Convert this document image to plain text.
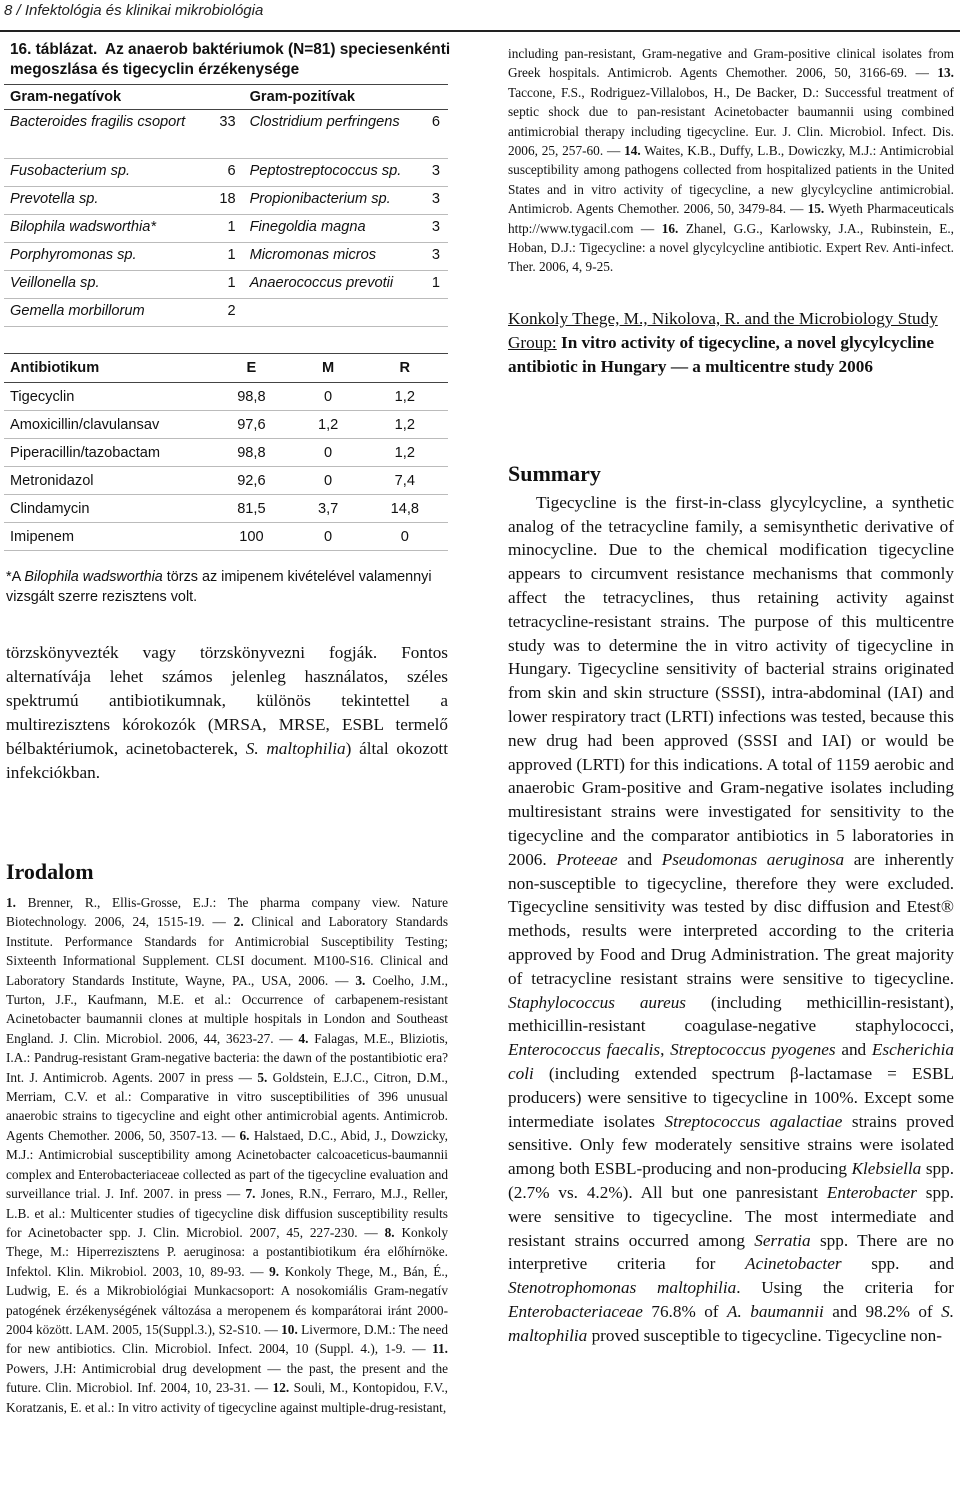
8 / Infektológia és klinikai mikrobiológia
16. táblázat. Az anaerob baktériumok (N=81) speciesenkénti megoszlása és tigecyclin érzékenysége
Gram-negatívok		Gram-pozitívak	
Bacteroides fragilis csoport	33	Clostridium perfringens	6
Fusobacterium sp.	6	Peptostreptococcus sp.	3
Prevotella sp.	18	Propionibacterium sp.	3
Bilophila wadsworthia*	1	Finegoldia magna	3
Porphyromonas sp.	1	Micromonas micros	3
Veillonella sp.	1	Anaerococcus prevotii	1
Gemella morbillorum	2		
Antibiotikum	E	M	R
Tigecyclin	98,8	0	1,2
Amoxicillin/clavulansav	97,6	1,2	1,2
Piperacillin/tazobactam	98,8	0	1,2
Metronidazol	92,6	0	7,4
Clindamycin	81,5	3,7	14,8
Imipenem	100	0	0
*A Bilophila wadsworthia törzs az imipenem kivételével valamennyi vizsgált szerre rezisztens volt.
törzskönyvezték vagy törzskönyvezni fogják. Fontos alternatívája lehet számos jelenleg használatos, széles spektrumú antibiotikumnak, különös tekintettel a multirezisztens kórokozók (MRSA, MRSE, ESBL termelő bélbaktériumok, acinetobacterek, S. maltophilia) által okozott infekciókban.
Irodalom
1. Brenner, R., Ellis-Grosse, E.J.: The pharma company view. Nature Biotechnology. 2006, 24, 1515-19. — 2. Clinical and Laboratory Standards Institute. Performance Standards for Antimicrobial Susceptibility Testing; Sixteenth Informational Supplement. CLSI document. M100-S16. Clinical and Laboratory Standards Institute, Wayne, PA., USA, 2006. — 3. Coelho, J.M., Turton, J.F., Kaufmann, M.E. et al.: Occurrence of carbapenem-resistant Acinetobacter baumannii clones at multiple hospitals in London and Southeast England. J. Clin. Microbiol. 2006, 44, 3623-27. — 4. Falagas, M.E., Bliziotis, I.A.: Pandrug-resistant Gram-negative bacteria: the dawn of the postantibiotic era? Int. J. Antimicrob. Agents. 2007 in press — 5. Goldstein, E.J.C., Citron, D.M., Merriam, C.V. et al.: Comparative in vitro susceptibilities of 396 unusual anaerobic strains to tigecycline and eight other antimicrobial agents. Antimicrob. Agents Chemother. 2006, 50, 3507-13. — 6. Halstaed, D.C., Abid, J., Dowzicky, M.J.: Antimicrobial susceptibility among Acinetobacter calcoaceticus-baumannii complex and Enterobacteriaceae collected as part of the tigecycline evaluation and surveillance trial. J. Inf. 2007. in press — 7. Jones, R.N., Ferraro, M.J., Reller, L.B. et al.: Multicenter studies of tigecycline disk diffusion susceptibility results for Acinetobacter spp. J. Clin. Microbiol. 2007, 45, 227-230. — 8. Konkoly Thege, M.: Hiperrezisztens P. aeruginosa: a postantibiotikum éra előhírnöke. Infektol. Klin. Mikrobiol. 2003, 10, 89-93. — 9. Konkoly Thege, M., Bán, É., Ludwig, E. és a Mikrobiológiai Munkacsoport: A nosokomiális Gram-negatív patogének érzékenységének változása a meropenem és komparátorai iránt 2000-2004 között. LAM. 2005, 15(Suppl.3.), S2-S10. — 10. Livermore, D.M.: The need for new antibiotics. Clin. Microbiol. Infect. 2004, 10 (Suppl. 4.), 1-9. — 11. Powers, J.H: Antimicrobial drug development — the past, the present and the future. Clin. Microbiol. Inf. 2004, 10, 23-31. — 12. Souli, M., Kontopidou, F.V., Koratzanis, E. et al.: In vitro activity of tigecycline against multiple-drug-resistant,
including pan-resistant, Gram-negative and Gram-positive clinical isolates from Greek hospitals. Antimicrob. Agents Chemother. 2006, 50, 3166-69. — 13. Taccone, F.S., Rodriguez-Villalobos, H., De Backer, D.: Successful treatment of septic shock due to pan-resistant Acinetobacter baumannii using combined antimicrobial therapy including tigecycline. Eur. J. Clin. Microbiol. Infect. Dis. 2006, 25, 257-60. — 14. Waites, K.B., Duffy, L.B., Dowiczky, M.J.: Antimicrobial susceptibility among pathogens collected from hospitalized patients in the United States and in vitro activity of tigecycline, a new glycylcycline antimicrobial. Antimicrob. Agents Chemother. 2006, 50, 3479-84. — 15. Wyeth Pharmaceuticals http://www.tygacil.com — 16. Zhanel, G.G., Karlowsky, J.A., Rubinstein, E., Hoban, D.J.: Tigecycline: a novel glycylcycline antibiotic. Expert Rev. Anti-infect. Ther. 2006, 4, 9-25.
Konkoly Thege, M., Nikolova, R. and the Microbiology Study Group: In vitro activity of tigecycline, a novel glycylcycline antibiotic in Hungary — a multicentre study 2006
Summary

Tigecycline is the first-in-class glycylcycline, a synthetic analog of the tetracycline family, a semisynthetic derivative of minocycline. Due to the chemical modification tigecycline appears to circumvent resistance mechanisms that commonly affect the tetracyclines, thus retaining activity against tetracycline-resistant strains. The purpose of this multicentre study was to determine the in vitro activity of tigecycline in Hungary. Tigecycline sensitivity of bacterial strains originated from skin and skin structure (SSSI), intra-abdominal (IAI) and lower respiratory tract (LRTI) infections was tested, because this new drug had been approved (SSSI and IAI) or would be approved (LRTI) for this indications. A total of 1159 aerobic and anaerobic Gram-positive and Gram-negative isolates including multiresistant strains were investigated for sensitivity to the tigecycline and the comparator antibiotics in 5 laboratories in 2006. Proteeae and Pseudomonas aeruginosa are inherently non-susceptible to tigecycline, therefore they were excluded. Tigecycline sensitivity was tested by disc diffusion and Etest® methods, results were interpreted according to the criteria approved by Food and Drug Administration. The great majority of tetracycline resistant strains were sensitive to tigecycline. Staphylococcus aureus (including methicillin-resistant), methicillin-resistant coagulase-negative staphylococci, Enterococcus faecalis, Streptococcus pyogenes and Escherichia coli (including extended spectrum β-lactamase = ESBL producers) were sensitive to tigecycline in 100%. Except some intermediate isolates Streptococcus agalactiae strains proved sensitive. Only few moderately sensitive strains were isolated among both ESBL-producing and non-producing Klebsiella spp. (2.7% vs. 4.2%). All but one panresistant Enterobacter spp. were sensitive to tigecycline. The most intermediate and resistant strains occurred among Serratia spp. There are no interpretive criteria for Acinetobacter spp. and Stenotrophomonas maltophilia. Using the criteria for Enterobacteriaceae 76.8% of A. baumannii and 98.2% of S. maltophilia proved susceptible to tigecycline. Tigecycline non-
